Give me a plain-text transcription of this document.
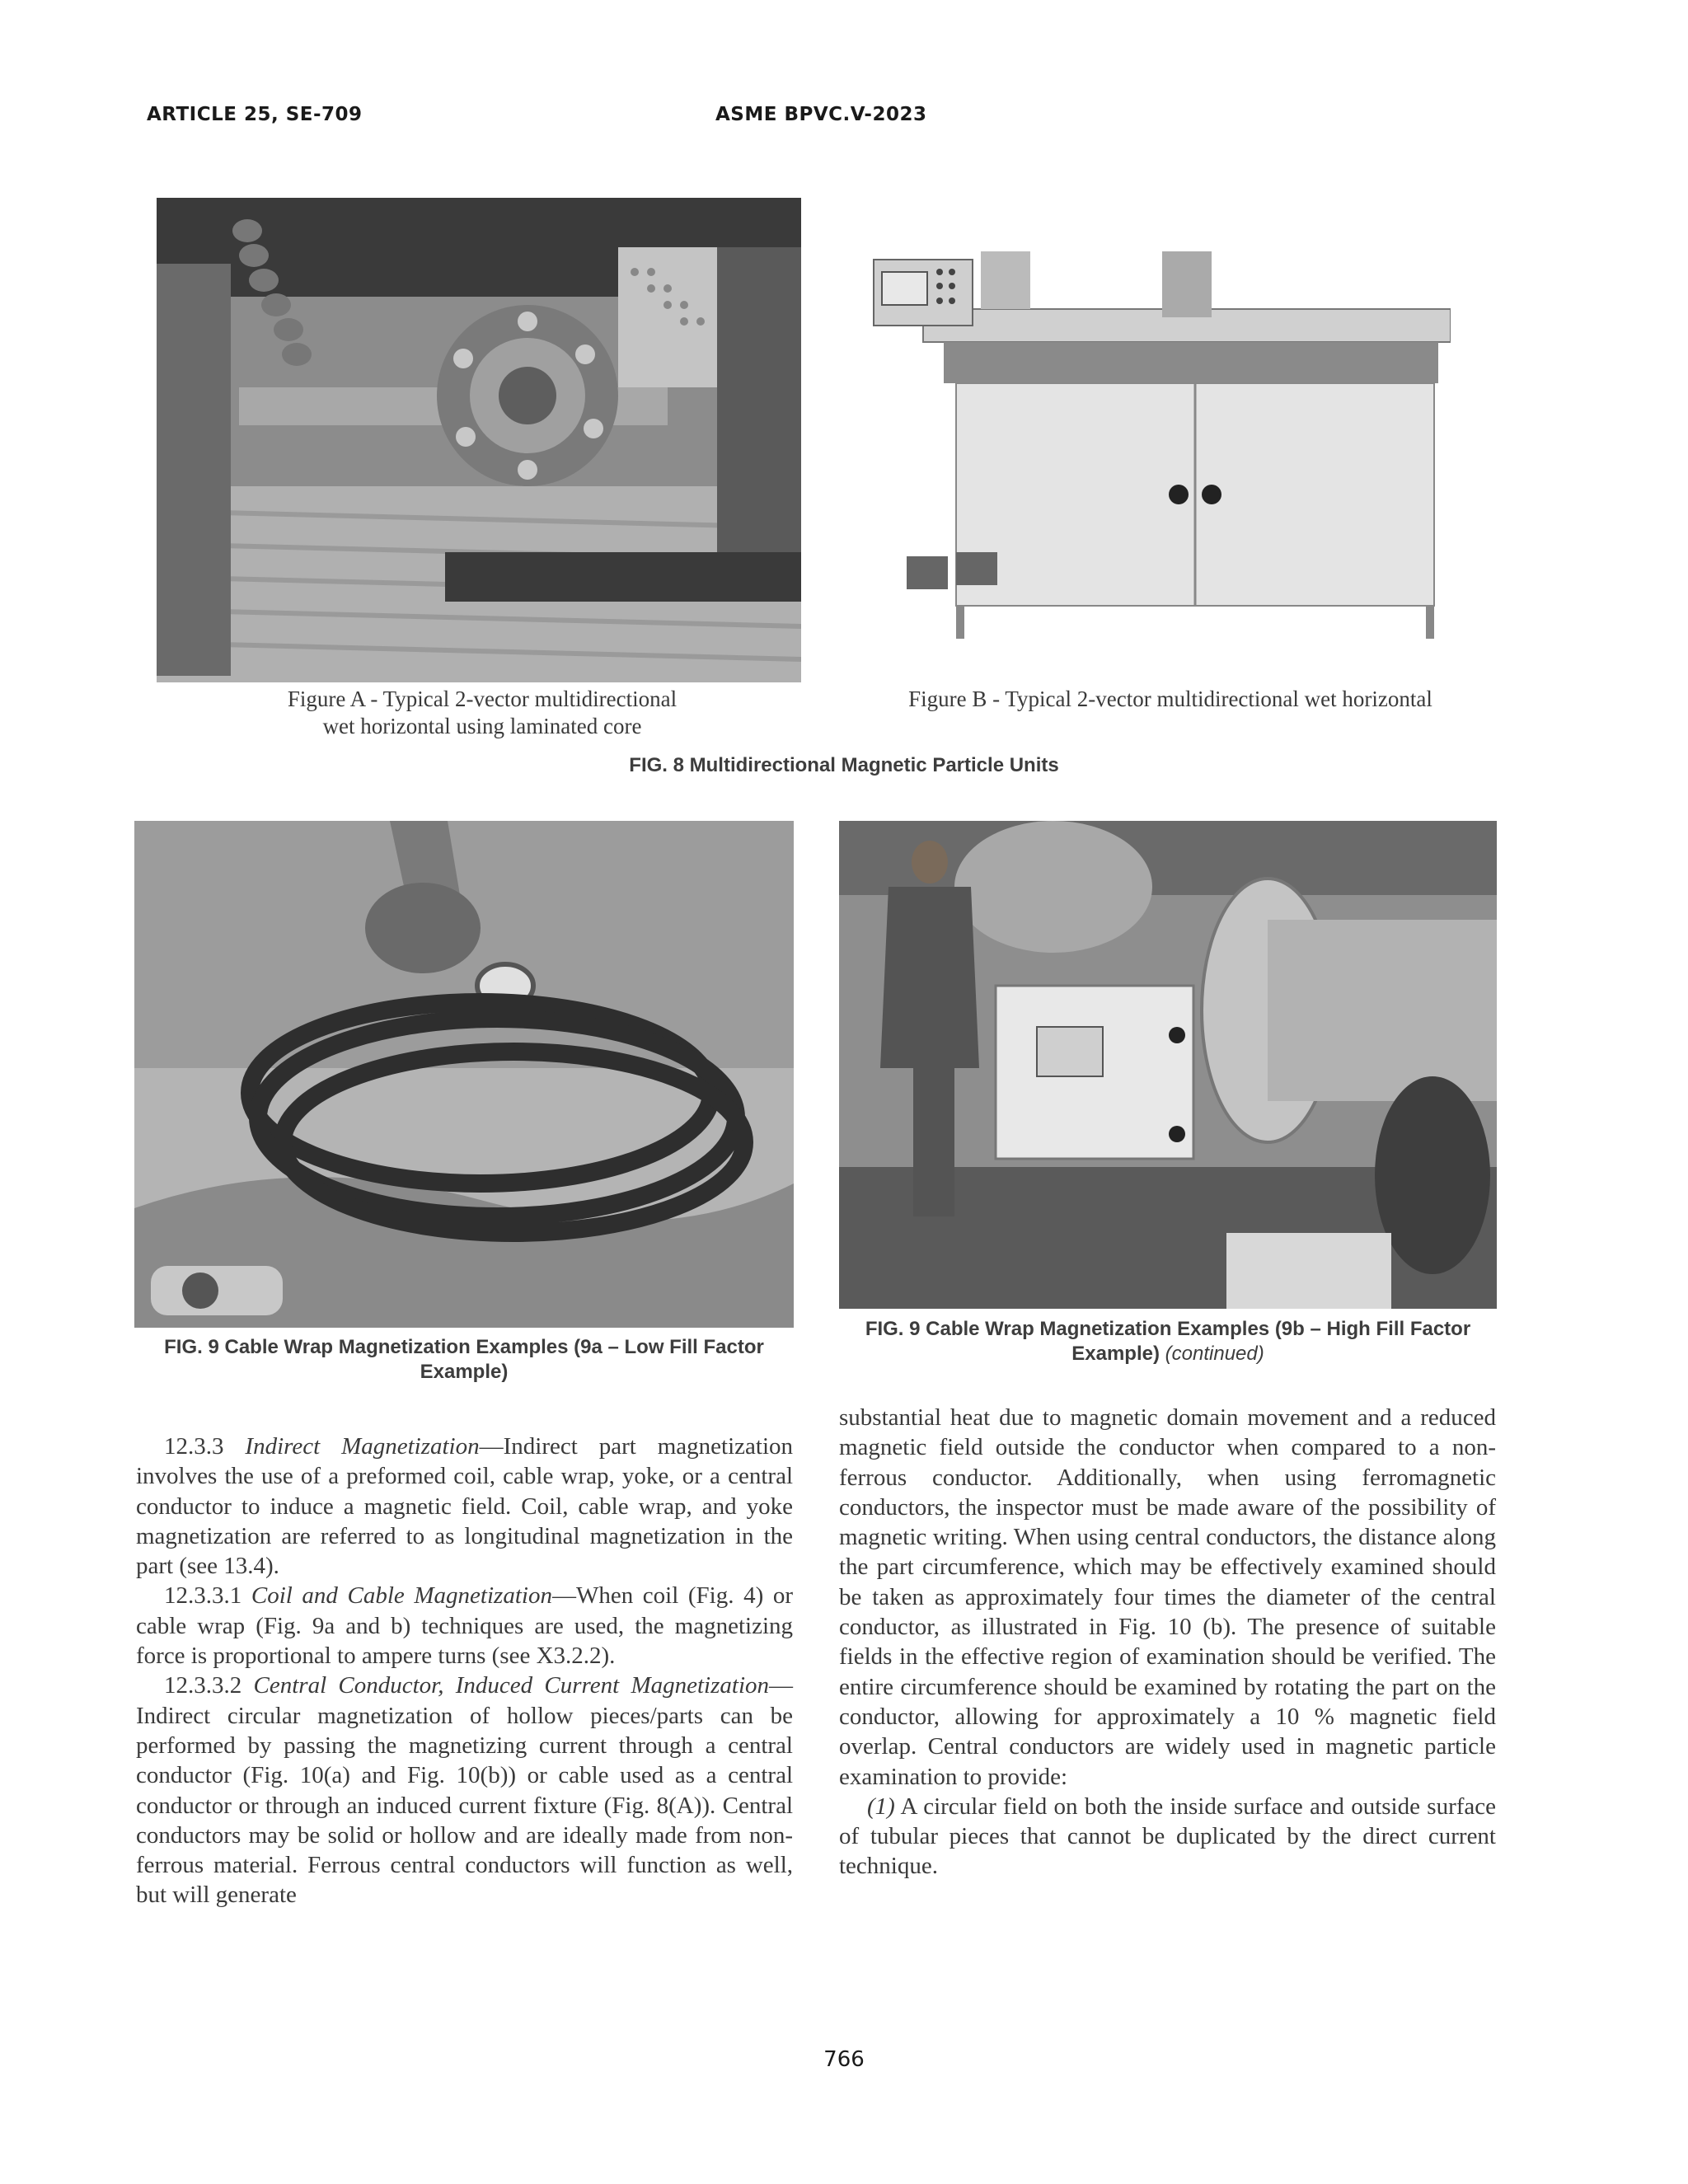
ARTICLE 25, SE-709	ASME BPVC.V-2023
Figure A - Typical 2-vector multidirectional
wet horizontal using laminated core
Figure B - Typical 2-vector multidirectional wet horizontal
FIG. 8 Multidirectional Magnetic Particle Units
FIG. 9 Cable Wrap Magnetization Examples (9a – Low Fill Factor
Example)
FIG. 9 Cable Wrap Magnetization Examples (9b – High Fill Factor
Example) (continued)

12.3.3 Indirect Magnetization—Indirect part magnetization involves the use of a preformed coil, cable wrap, yoke, or a central conductor to induce a magnetic field. Coil, cable wrap, and yoke magnetization are referred to as longitudinal magnetization in the part (see 13.4).

12.3.3.1 Coil and Cable Magnetization—When coil (Fig. 4) or cable wrap (Fig. 9a and b) techniques are used, the magnetizing force is proportional to ampere turns (see X3.2.2).

12.3.3.2 Central Conductor, Induced Current Magnetization—Indirect circular magnetization of hollow pieces/parts can be performed by passing the magnetizing current through a central conductor (Fig. 10(a) and Fig. 10(b)) or cable used as a central conductor or through an induced current fixture (Fig. 8(A)). Central conductors may be solid or hollow and are ideally made from non-ferrous material. Ferrous central conductors will function as well, but will generate

substantial heat due to magnetic domain movement and a reduced magnetic field outside the conductor when compared to a non-ferrous conductor. Additionally, when using ferromagnetic conductors, the inspector must be made aware of the possibility of magnetic writing. When using central conductors, the distance along the part circumference, which may be effectively examined should be taken as approximately four times the diameter of the central conductor, as illustrated in Fig. 10 (b). The presence of suitable fields in the effective region of examination should be verified. The entire circumference should be examined by rotating the part on the conductor, allowing for approximately a 10 % magnetic field overlap. Central conductors are widely used in magnetic particle examination to provide:

(1) A circular field on both the inside surface and outside surface of tubular pieces that cannot be duplicated by the direct current technique.

766
